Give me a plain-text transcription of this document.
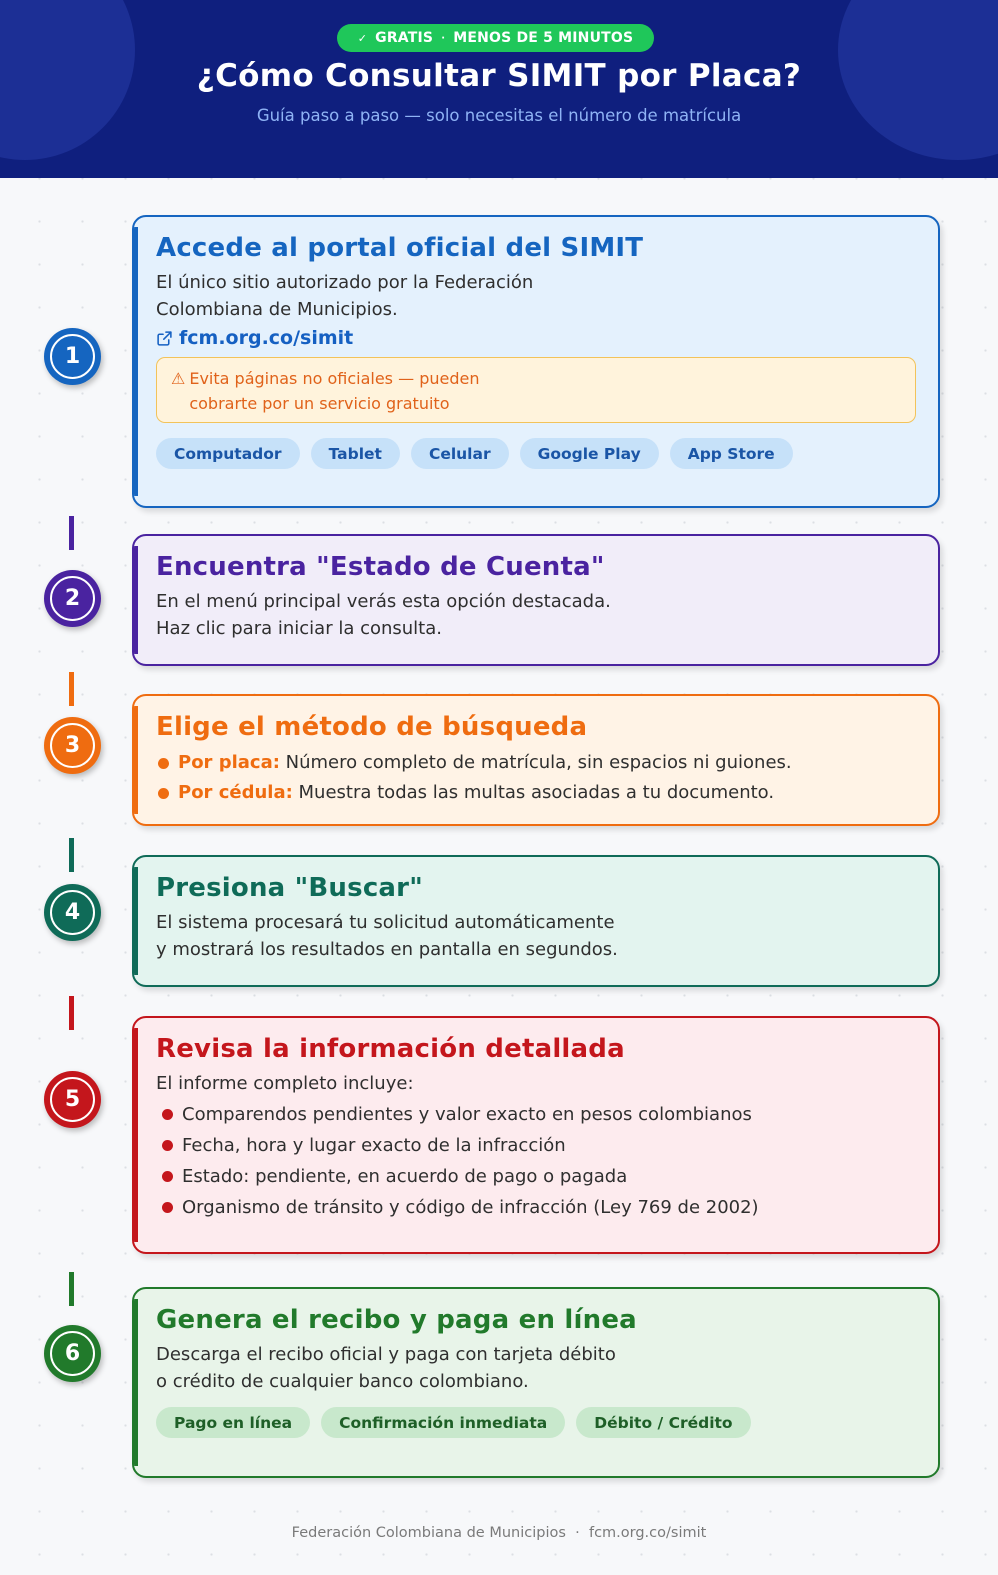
✓ GRATIS · MENOS DE 5 MINUTOS
¿Cómo Consultar SIMIT por Placa?
Guía paso a paso — solo necesitas el número de matrícula
1
Accede al portal oficial del SIMIT

El único sitio autorizado por la Federación
Colombiana de Municipios.

fcm.org.co/simit
⚠ Evita páginas no oficiales — pueden
cobrarte por un servicio gratuito
Computador	Tablet	Celular	Google Play	App Store
2
Encuentra "Estado de Cuenta"

En el menú principal verás esta opción destacada.
Haz clic para iniciar la consulta.

3
Elige el método de búsqueda
Por placa: Número completo de matrícula, sin espacios ni guiones.
Por cédula: Muestra todas las multas asociadas a tu documento.
4
Presiona "Buscar"

El sistema procesará tu solicitud automáticamente
y mostrará los resultados en pantalla en segundos.

5
Revisa la información detallada

El informe completo incluye:

Comparendos pendientes y valor exacto en pesos colombianos
Fecha, hora y lugar exacto de la infracción
Estado: pendiente, en acuerdo de pago o pagada
Organismo de tránsito y código de infracción (Ley 769 de 2002)
6
Genera el recibo y paga en línea

Descarga el recibo oficial y paga con tarjeta débito
o crédito de cualquier banco colombiano.

Pago en línea	Confirmación inmediata	Débito / Crédito
Federación Colombiana de Municipios · fcm.org.co/simit
